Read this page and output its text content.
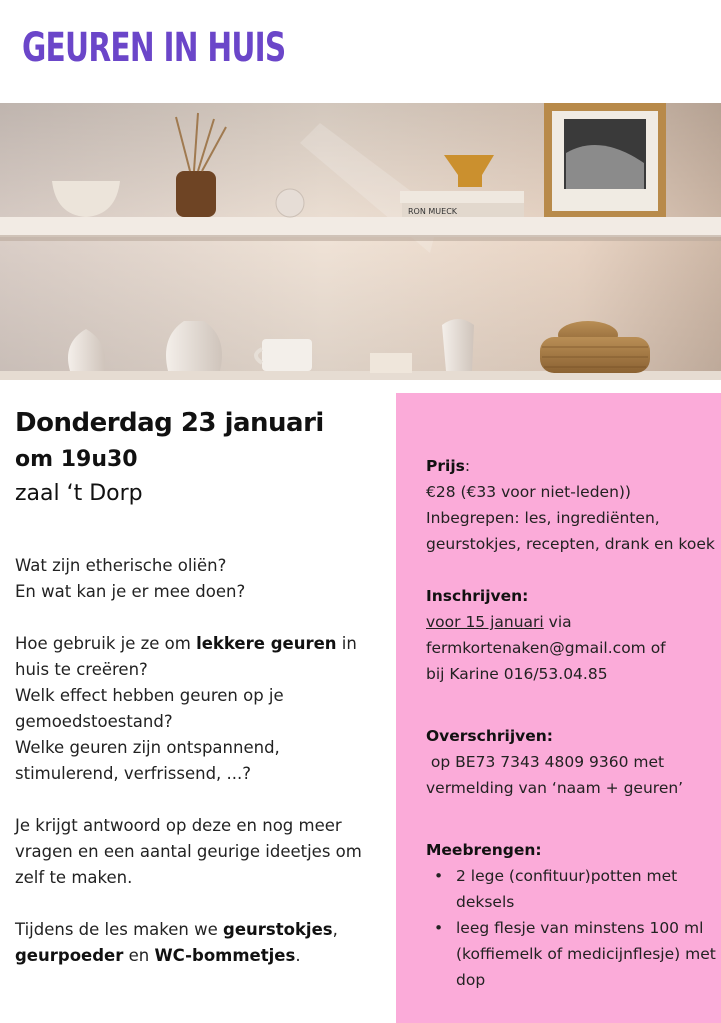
GEUREN IN HUIS
RON MUECK
Donderdag 23 januari
om 19u30
zaal ‘t Dorp
Wat zijn etherische oliën?
En wat kan je er mee doen?
Hoe gebruik je ze om lekkere geuren in huis te creëren?
Welk effect hebben geuren op je gemoedstoestand?
Welke geuren zijn ontspannend, stimulerend, verfrissend, ...?
Je krijgt antwoord op deze en nog meer vragen en een aantal geurige ideetjes om zelf te maken.
Tijdens de les maken we geurstokjes, geurpoeder en WC-bommetjes.
Prijs:
€28 (€33 voor niet-leden))
Inbegrepen: les, ingrediënten, geurstokjes, recepten, drank en koek
Inschrijven:
voor 15 januari via
fermkortenaken@gmail.com of
bij Karine 016/53.04.85
Overschrijven:
op BE73 7343 4809 9360 met
vermelding van ‘naam + geuren’
Meebrengen:
• 2 lege (confituur)potten met deksels
• leeg flesje van minstens 100 ml (koffiemelk of medicijnflesje) met dop
